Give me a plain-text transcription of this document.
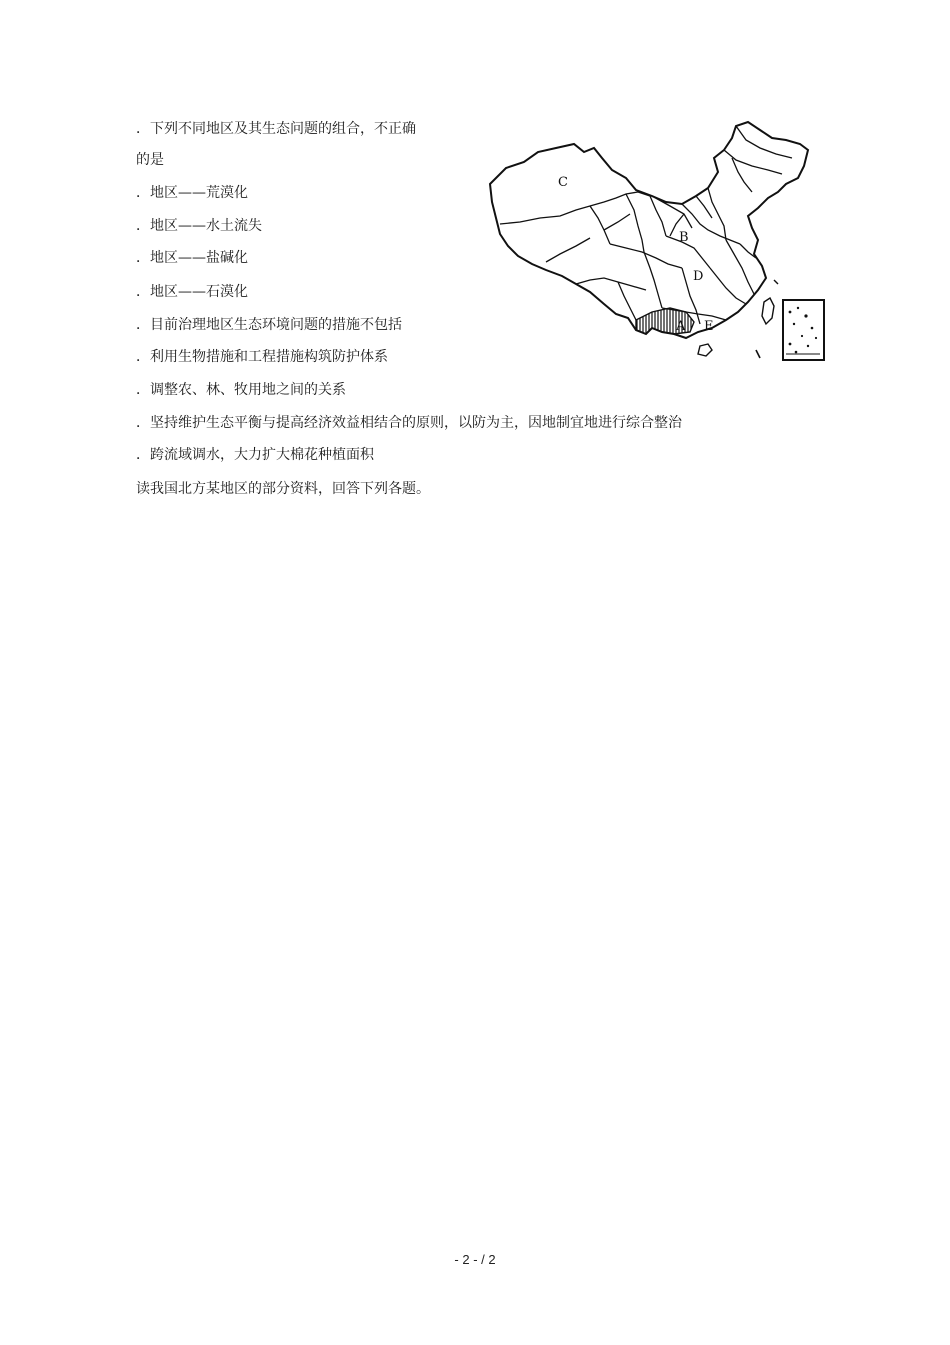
．下列不同地区及其生态问题的组合，不正确
的是
．地区——荒漠化
．地区——水土流失
．地区——盐碱化
．地区——石漠化
．目前治理地区生态环境问题的措施不包括
．利用生物措施和工程措施构筑防护体系
．调整农、林、牧用地之间的关系
．坚持维护生态平衡与提高经济效益相结合的原则，以防为主，因地制宜地进行综合整治
．跨流域调水，大力扩大棉花种植面积
读我国北方某地区的部分资料，回答下列各题。
C
B
D
A E
- 2 - / 2
